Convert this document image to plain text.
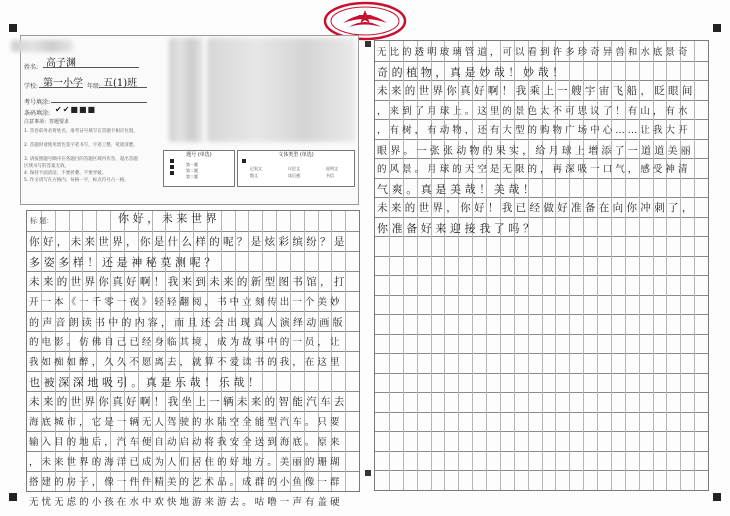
姓名: 高子渊
学校: 第一小学 年级: 五(1)班
考号填涂:
条码填涂: ✔✔■■■
注意事项：答题要求
1. 答卷前务必将姓名、准考证号填写在答题卡相应位置。
2. 答题时请使用黑色签字笔书写，字迹工整、笔迹清楚。
3. 请按照题号顺序在各题目的答题区域内作答，超出答题区域书写的答案无效。
4. 保持卡面清洁，不要折叠、不要弄破。
5. 作文请写在方格内，每格一字，标点符号占一格。
题号 (单选)
第一题
第二题
第三题
文体类型 (单选)
记叙文	议论文	说明文
散文	读后感	书信
你好，未来世界，你是什么样的呢？是炫彩缤纷？是
多姿多样！还是神秘莫测呢？
未来的世界你真好啊！我来到未来的新型图书馆，打
开一本《一千零一夜》轻轻翻阅，书中立刻传出一个美妙
的声音朗读书中的内容，而且还会出现真人演绎动画版
的电影。仿佛自己已经身临其境，成为故事中的一员，让
我如痴如醉，久久不愿离去，就算不爱读书的我，在这里
也被深深地吸引。真是乐哉！乐哉！
未来的世界你真好啊！我坐上一辆未来的智能汽车去
海底城市，它是一辆无人驾驶的水陆空全能型汽车。只要
输入目的地后，汽车便自动启动将我安全送到海底。原来
，未来世界的海洋已成为人们居住的好地方。美丽的珊瑚
搭建的房子，像一件件精美的艺术品。成群的小鱼像一群
无忧无虑的小孩在水中欢快地游来游去。咕噜一声有盖硬
标 题：	你好，未来世界
无比的透明玻璃管道，可以看到许多珍奇异兽和水底景奇
奇的植物，真是妙哉！妙哉！
未来的世界你真好啊！我乘上一艘宇宙飞船，眨眼间
，来到了月球上。这里的景色太不可思议了！有山，有水
，有树，有动物，还有大型的购物广场中心……让我大开
眼界。一张张动物的果实，给月球上增添了一道道美丽
的风景。月球的天空是无限的，再深吸一口气，感受神清
气爽。真是美哉！美哉！
未来的世界，你好！我已经做好准备在向你冲刺了，
你准备好来迎接我了吗？
